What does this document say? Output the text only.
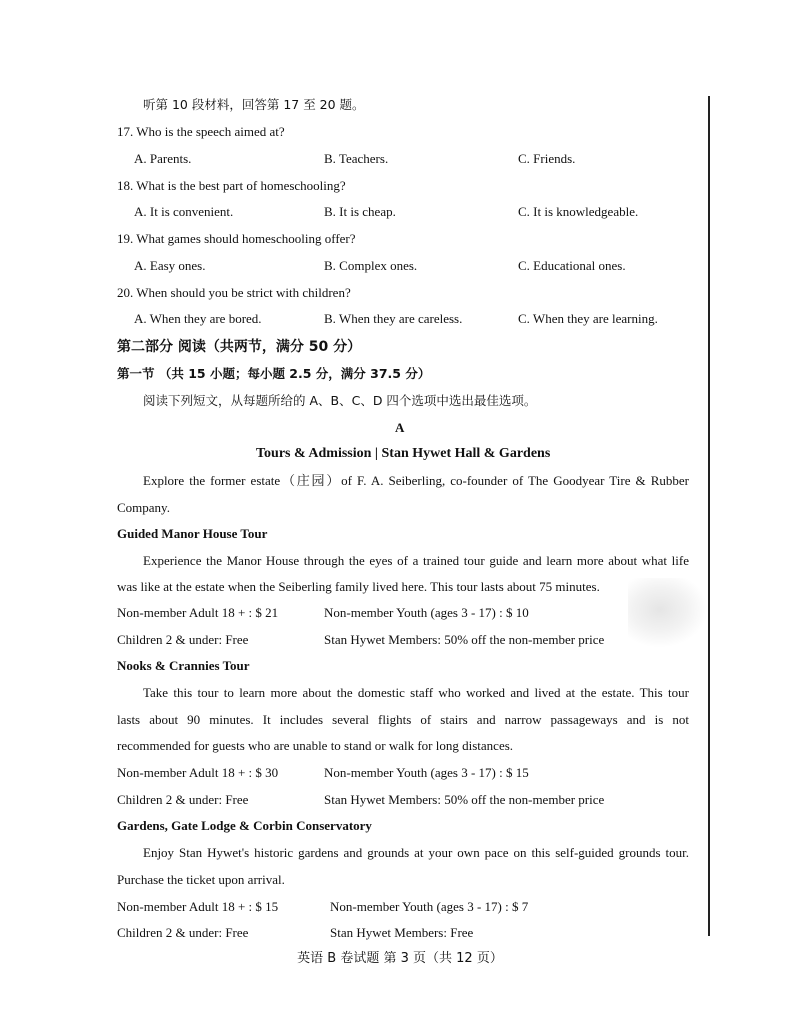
听第 10 段材料，回答第 17 至 20 题。
17. Who is the speech aimed at?
A. Parents.	B. Teachers.	C. Friends.
18. What is the best part of homeschooling?
A. It is convenient.	B. It is cheap.	C. It is knowledgeable.
19. What games should homeschooling offer?
A. Easy ones.	B. Complex ones.	C. Educational ones.
20. When should you be strict with children?
A. When they are bored.	B. When they are careless.	C. When they are learning.
第二部分 阅读（共两节，满分 50 分）
第一节 （共 15 小题；每小题 2.5 分，满分 37.5 分）
阅读下列短文，从每题所给的 A、B、C、D 四个选项中选出最佳选项。
A
Tours & Admission | Stan Hywet Hall & Gardens
Explore the former estate（庄园）of F. A. Seiberling, co-founder of The Goodyear Tire & Rubber
Company.
Guided Manor House Tour
Experience the Manor House through the eyes of a trained tour guide and learn more about what life
was like at the estate when the Seiberling family lived here. This tour lasts about 75 minutes.
Non-member Adult 18 + : $ 21	Non-member Youth (ages 3 - 17) : $ 10
Children 2 & under: Free	Stan Hywet Members: 50% off the non-member price
Nooks & Crannies Tour
Take this tour to learn more about the domestic staff who worked and lived at the estate. This tour
lasts about 90 minutes. It includes several flights of stairs and narrow passageways and is not
recommended for guests who are unable to stand or walk for long distances.
Non-member Adult 18 + : $ 30	Non-member Youth (ages 3 - 17) : $ 15
Children 2 & under: Free	Stan Hywet Members: 50% off the non-member price
Gardens, Gate Lodge & Corbin Conservatory
Enjoy Stan Hywet's historic gardens and grounds at your own pace on this self-guided grounds tour.
Purchase the ticket upon arrival.
Non-member Adult 18 + : $ 15	Non-member Youth (ages 3 - 17) : $ 7
Children 2 & under: Free	Stan Hywet Members: Free
英语 B 卷试题 第 3 页（共 12 页）
